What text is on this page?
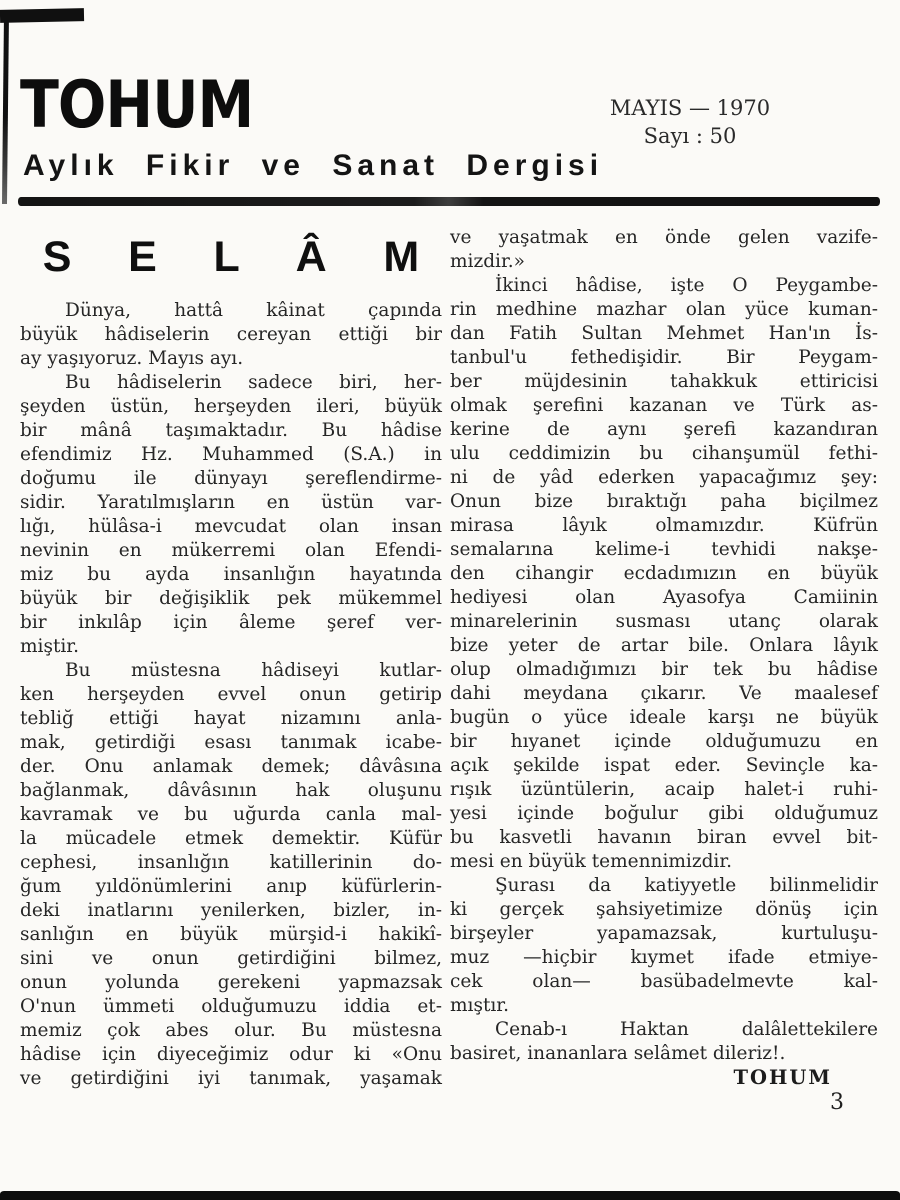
TOHUM	MAYIS — 1970
Sayı : 50
Aylık Fikir ve Sanat Dergisi
S E L Â M
Dünya, hattâ kâinat çapında
büyük hâdiselerin cereyan ettiği bir
ay yaşıyoruz. Mayıs ayı.
Bu hâdiselerin sadece biri, her-
şeyden üstün, herşeyden ileri, büyük
bir mânâ taşımaktadır. Bu hâdise
efendimiz Hz. Muhammed (S.A.) in
doğumu ile dünyayı şereflendirme-
sidir. Yaratılmışların en üstün var-
lığı, hülâsa-i mevcudat olan insan
nevinin en mükerremi olan Efendi-
miz bu ayda insanlığın hayatında
büyük bir değişiklik pek mükemmel
bir inkılâp için âleme şeref ver-
miştir.
Bu müstesna hâdiseyi kutlar-
ken herşeyden evvel onun getirip
tebliğ ettiği hayat nizamını anla-
mak, getirdiği esası tanımak icabe-
der. Onu anlamak demek; dâvâsına
bağlanmak, dâvâsının hak oluşunu
kavramak ve bu uğurda canla mal-
la mücadele etmek demektir. Küfür
cephesi, insanlığın katillerinin do-
ğum yıldönümlerini anıp küfürlerin-
deki inatlarını yenilerken, bizler, in-
sanlığın en büyük mürşid-i hakikî-
sini ve onun getirdiğini bilmez,
onun yolunda gerekeni yapmazsak
O'nun ümmeti olduğumuzu iddia et-
memiz çok abes olur. Bu müstesna
hâdise için diyeceğimiz odur ki «Onu
ve getirdiğini iyi tanımak, yaşamak
ve yaşatmak en önde gelen vazife-
mizdir.»
İkinci hâdise, işte O Peygambe-
rin medhine mazhar olan yüce kuman-
dan Fatih Sultan Mehmet Han'ın İs-
tanbul'u fethedişidir. Bir Peygam-
ber müjdesinin tahakkuk ettiricisi
olmak şerefini kazanan ve Türk as-
kerine de aynı şerefi kazandıran
ulu ceddimizin bu cihanşumül fethi-
ni de yâd ederken yapacağımız şey:
Onun bize bıraktığı paha biçilmez
mirasa lâyık olmamızdır. Küfrün
semalarına kelime-i tevhidi nakşe-
den cihangir ecdadımızın en büyük
hediyesi olan Ayasofya Camiinin
minarelerinin susması utanç olarak
bize yeter de artar bile. Onlara lâyık
olup olmadığımızı bir tek bu hâdise
dahi meydana çıkarır. Ve maalesef
bugün o yüce ideale karşı ne büyük
bir hıyanet içinde olduğumuzu en
açık şekilde ispat eder. Sevinçle ka-
rışık üzüntülerin, acaip halet-i ruhi-
yesi içinde boğulur gibi olduğumuz
bu kasvetli havanın biran evvel bit-
mesi en büyük temennimizdir.
Şurası da katiyyetle bilinmelidir
ki gerçek şahsiyetimize dönüş için
birşeyler yapamazsak, kurtuluşu-
muz —hiçbir kıymet ifade etmiye-
cek olan— basübadelmevte kal-
mıştır.
Cenab-ı Haktan dalâlettekilere
basiret, inananlara selâmet dileriz!.
TOHUM
3
